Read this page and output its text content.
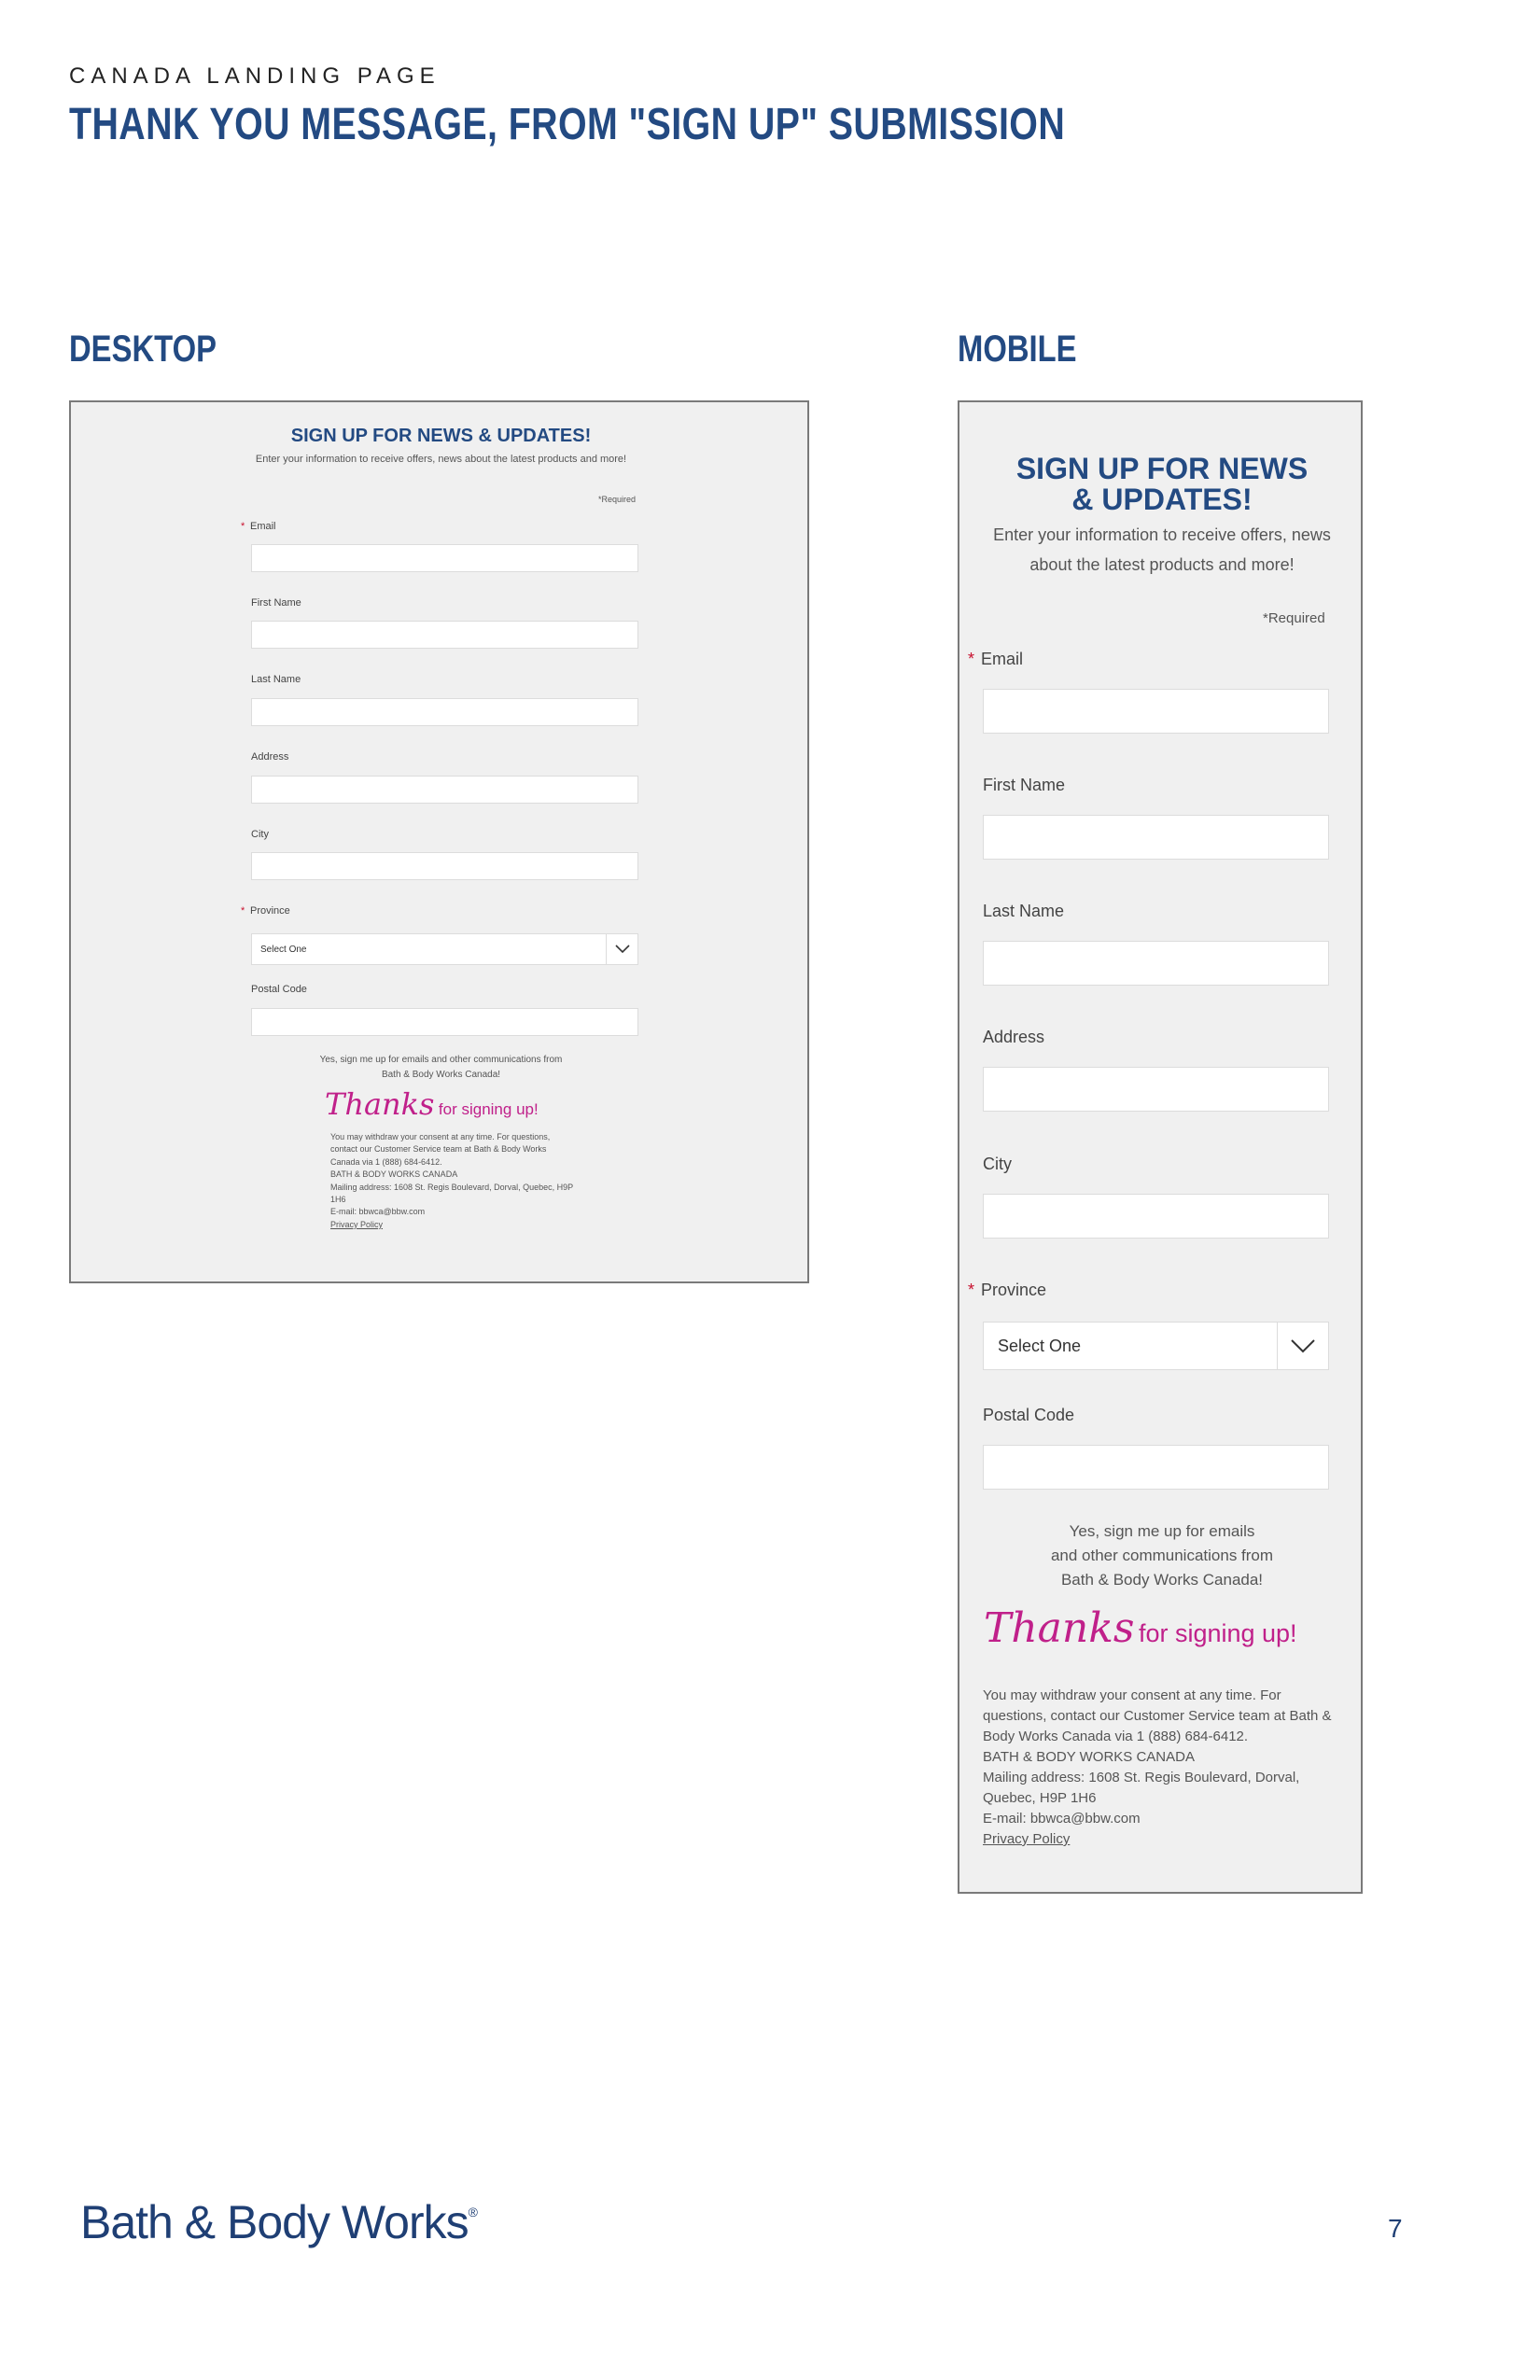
CANADA LANDING PAGE
THANK YOU MESSAGE, FROM "SIGN UP" SUBMISSION
DESKTOP	MOBILE
SIGN UP FOR NEWS & UPDATES!
Enter your information to receive offers, news about the latest products and more!
*Required
* Email
First Name
Last Name
Address
City
* Province
Select One
Postal Code
Yes, sign me up for emails and other communications from
Bath & Body Works Canada!
Thanks for signing up!
You may withdraw your consent at any time. For questions, contact our Customer Service team at Bath & Body Works Canada via 1 (888) 684-6412.
BATH & BODY WORKS CANADA
Mailing address: 1608 St. Regis Boulevard, Dorval, Quebec, H9P 1H6
E-mail: bbwca@bbw.com
Privacy Policy
SIGN UP FOR NEWS
& UPDATES!
Enter your information to receive offers, news
about the latest products and more!
*Required
* Email
First Name
Last Name
Address
City
* Province
Select One
Postal Code
Yes, sign me up for emails
and other communications from
Bath & Body Works Canada!
Thanks for signing up!
You may withdraw your consent at any time. For questions, contact our Customer Service team at Bath & Body Works Canada via 1 (888) 684-6412.
BATH & BODY WORKS CANADA
Mailing address: 1608 St. Regis Boulevard, Dorval, Quebec, H9P 1H6
E-mail: bbwca@bbw.com
Privacy Policy
Bath & Body Works®
7
